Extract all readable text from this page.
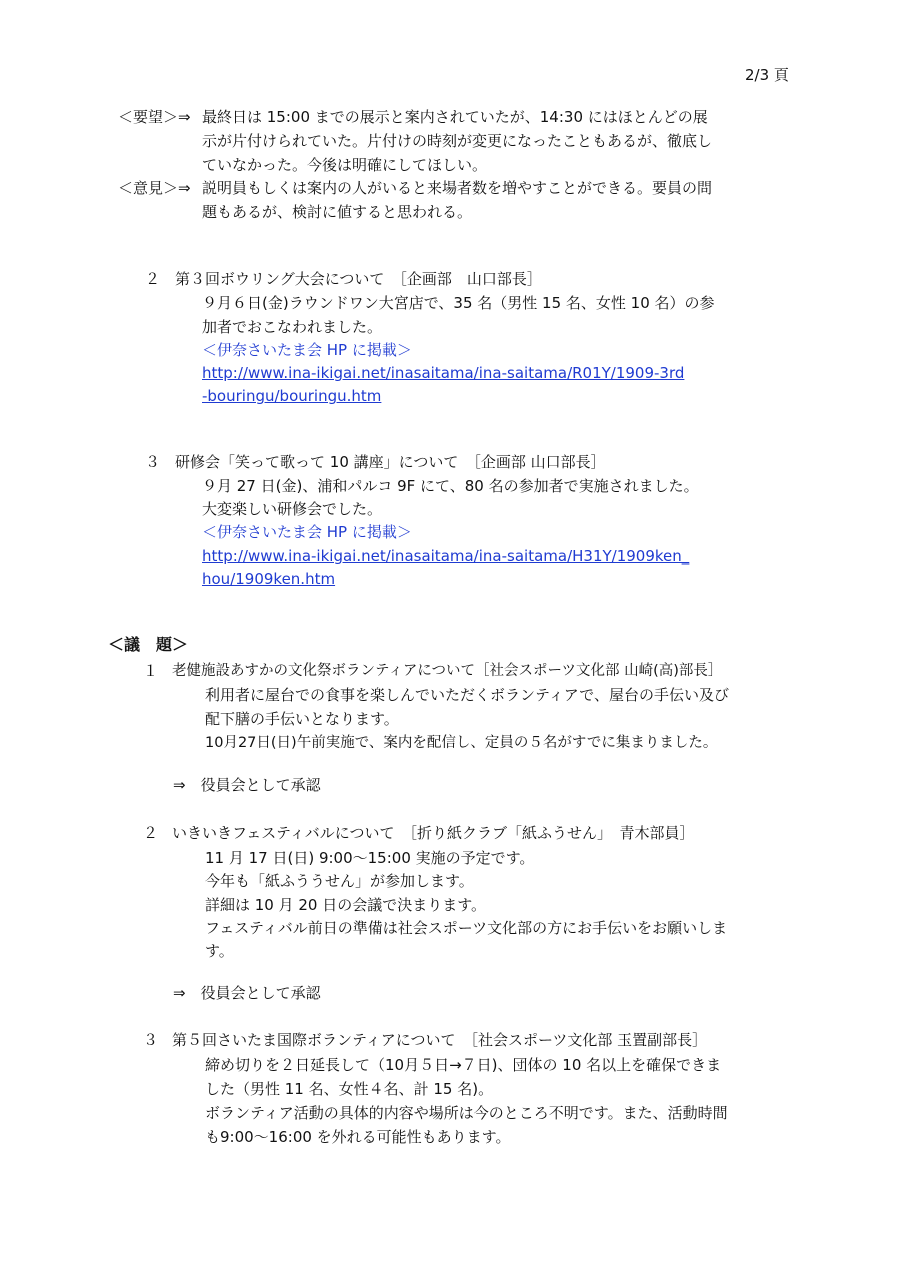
2/3 頁
＜要望＞⇒ 最終日は 15:00 までの展示と案内されていたが、14:30 にはほとんどの展
示が片付けられていた。片付けの時刻が変更になったこともあるが、徹底し
ていなかった。今後は明確にしてほしい。
＜意見＞⇒ 説明員もしくは案内の人がいると来場者数を増やすことができる。要員の問
題もあるが、検討に値すると思われる。
２ 第３回ボウリング大会について　［企画部　山口部長］
９月６日(金)ラウンドワン大宮店で、35 名（男性 15 名、女性 10 名）の参
加者でおこなわれました。
＜伊奈さいたま会 HP に掲載＞
http://www.ina-ikigai.net/inasaitama/ina-saitama/R01Y/1909-3rd
-bouringu/bouringu.htm
３ 研修会「笑って歌って 10 講座」について　［企画部 山口部長］
９月 27 日(金)、浦和パルコ 9F にて、80 名の参加者で実施されました。
大変楽しい研修会でした。
＜伊奈さいたま会 HP に掲載＞
http://www.ina-ikigai.net/inasaitama/ina-saitama/H31Y/1909ken_
hou/1909ken.htm
＜議　題＞
１ 老健施設あすかの文化祭ボランティアについて［社会スポーツ文化部 山崎(高)部長］
利用者に屋台での食事を楽しんでいただくボランティアで、屋台の手伝い及び
配下膳の手伝いとなります。
10月27日(日)午前実施で、案内を配信し、定員の５名がすでに集まりました。
⇒　役員会として承認
２ いきいきフェスティバルについて　［折り紙クラブ「紙ふうせん」　青木部員］
11 月 17 日(日) 9:00～15:00 実施の予定です。
今年も「紙ふううせん」が参加します。
詳細は 10 月 20 日の会議で決まります。
フェスティバル前日の準備は社会スポーツ文化部の方にお手伝いをお願いしま
す。
⇒　役員会として承認
３ 第５回さいたま国際ボランティアについて　［社会スポーツ文化部 玉置副部長］
締め切りを２日延長して（10月５日→７日)、団体の 10 名以上を確保できま
した（男性 11 名、女性４名、計 15 名)。
ボランティア活動の具体的内容や場所は今のところ不明です。また、活動時間
も9:00～16:00 を外れる可能性もあります。
